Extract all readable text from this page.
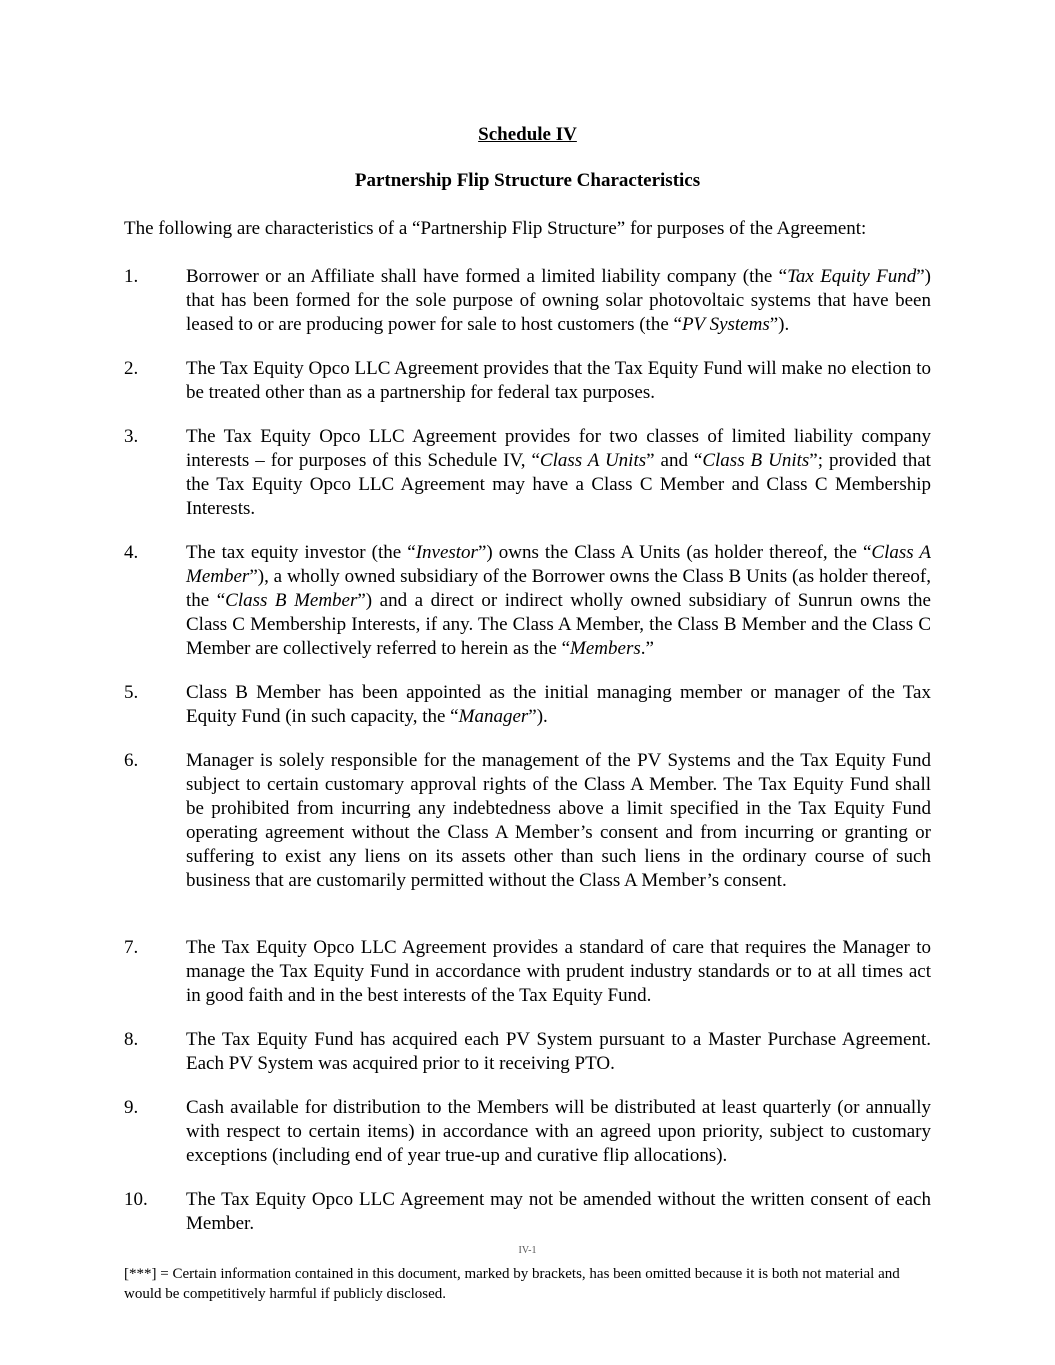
Schedule IV
Partnership Flip Structure Characteristics
The following are characteristics of a “Partnership Flip Structure” for purposes of the Agreement:
1.	Borrower or an Affiliate shall have formed a limited liability company (the “Tax Equity Fund”) that has been formed for the sole purpose of owning solar photovoltaic systems that have been leased to or are producing power for sale to host customers (the “PV Systems”).
2.	The Tax Equity Opco LLC Agreement provides that the Tax Equity Fund will make no election to be treated other than as a partnership for federal tax purposes.
3.	The Tax Equity Opco LLC Agreement provides for two classes of limited liability company interests – for purposes of this Schedule IV, “Class A Units” and “Class B Units”; provided that the Tax Equity Opco LLC Agreement may have a Class C Member and Class C Membership Interests.
4.	The tax equity investor (the “Investor”) owns the Class A Units (as holder thereof, the “Class A Member”), a wholly owned subsidiary of the Borrower owns the Class B Units (as holder thereof, the “Class B Member”) and a direct or indirect wholly owned subsidiary of Sunrun owns the Class C Membership Interests, if any. The Class A Member, the Class B Member and the Class C Member are collectively referred to herein as the “Members.”
5.	Class B Member has been appointed as the initial managing member or manager of the Tax Equity Fund (in such capacity, the “Manager”).
6.	Manager is solely responsible for the management of the PV Systems and the Tax Equity Fund subject to certain customary approval rights of the Class A Member. The Tax Equity Fund shall be prohibited from incurring any indebtedness above a limit specified in the Tax Equity Fund operating agreement without the Class A Member’s consent and from incurring or granting or suffering to exist any liens on its assets other than such liens in the ordinary course of such business that are customarily permitted without the Class A Member’s consent.
7.	The Tax Equity Opco LLC Agreement provides a standard of care that requires the Manager to manage the Tax Equity Fund in accordance with prudent industry standards or to at all times act in good faith and in the best interests of the Tax Equity Fund.
8.	The Tax Equity Fund has acquired each PV System pursuant to a Master Purchase Agreement. Each PV System was acquired prior to it receiving PTO.
9.	Cash available for distribution to the Members will be distributed at least quarterly (or annually with respect to certain items) in accordance with an agreed upon priority, subject to customary exceptions (including end of year true-up and curative flip allocations).
10. The Tax Equity Opco LLC Agreement may not be amended without the written consent of each Member.
IV-1
[***] = Certain information contained in this document, marked by brackets, has been omitted because it is both not material and would be competitively harmful if publicly disclosed.
